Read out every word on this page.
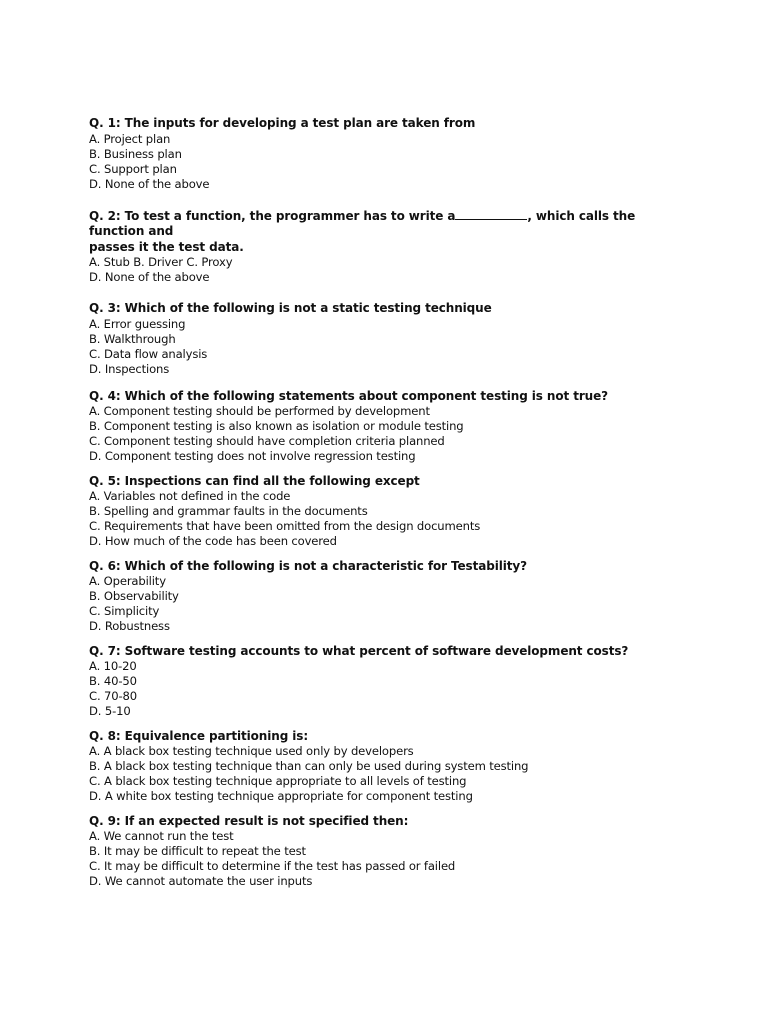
Q. 1: The inputs for developing a test plan are taken from
A. Project plan
B. Business plan
C. Support plan
D. None of the above
Q. 2: To test a function, the programmer has to write a	, which calls the function and
passes it the test data.
A. Stub B. Driver C. Proxy
D. None of the above
Q. 3: Which of the following is not a static testing technique
A. Error guessing
B. Walkthrough
C. Data flow analysis
D. Inspections
Q. 4: Which of the following statements about component testing is not true?
A. Component testing should be performed by development
B. Component testing is also known as isolation or module testing
C. Component testing should have completion criteria planned
D. Component testing does not involve regression testing
Q. 5: Inspections can find all the following except
A. Variables not defined in the code
B. Spelling and grammar faults in the documents
C. Requirements that have been omitted from the design documents
D. How much of the code has been covered
Q. 6: Which of the following is not a characteristic for Testability?
A. Operability
B. Observability
C. Simplicity
D. Robustness
Q. 7: Software testing accounts to what percent of software development costs?
A. 10-20
B. 40-50
C. 70-80
D. 5-10
Q. 8: Equivalence partitioning is:
A. A black box testing technique used only by developers
B. A black box testing technique than can only be used during system testing
C. A black box testing technique appropriate to all levels of testing
D. A white box testing technique appropriate for component testing
Q. 9: If an expected result is not specified then:
A. We cannot run the test
B. It may be difficult to repeat the test
C. It may be difficult to determine if the test has passed or failed
D. We cannot automate the user inputs
